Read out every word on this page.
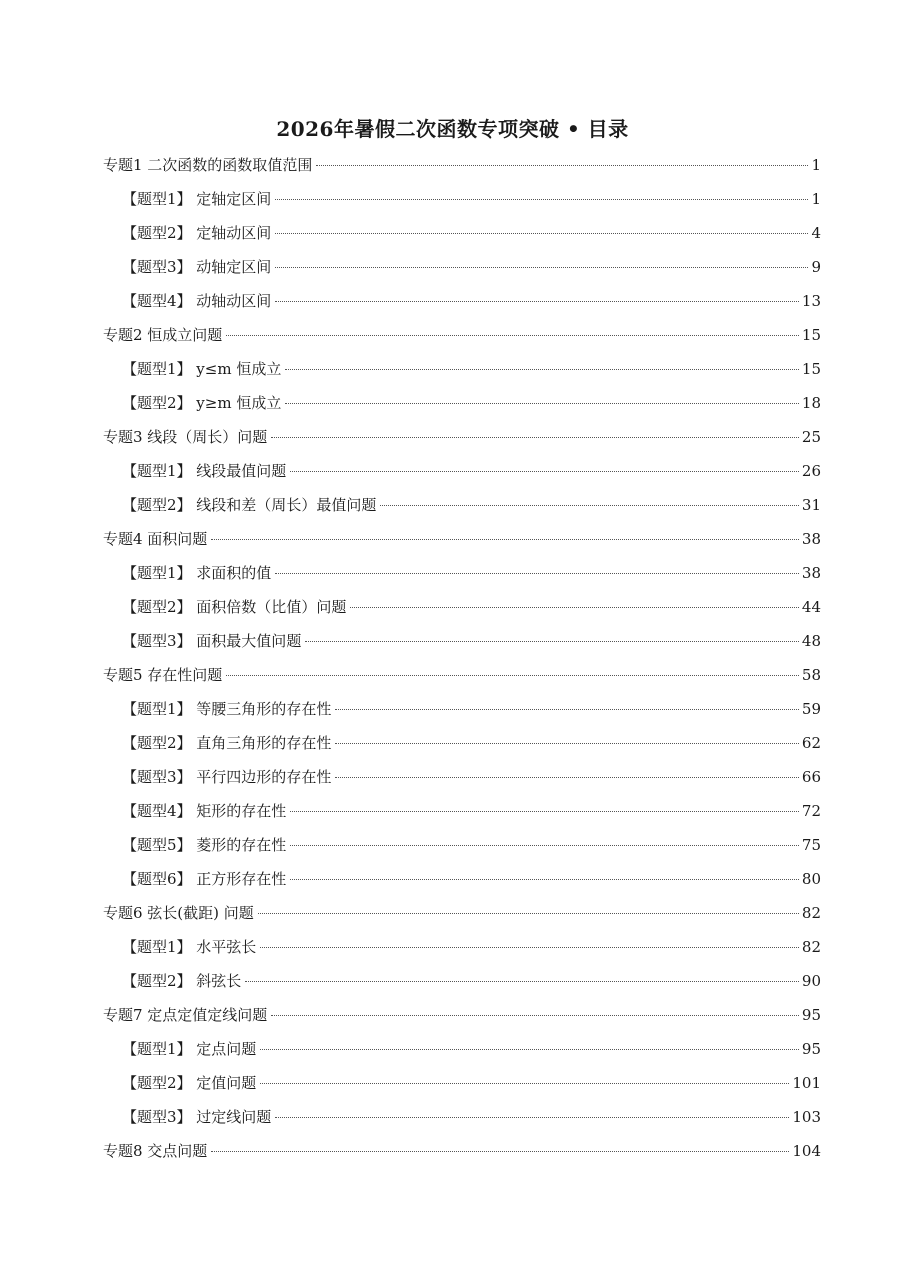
2026年暑假二次函数专项突破 • 目录
专题1 二次函数的函数取值范围	1
【题型1】 定轴定区间	1
【题型2】 定轴动区间	4
【题型3】 动轴定区间	9
【题型4】 动轴动区间	13
专题2 恒成立问题	15
【题型1】 y≤m 恒成立	15
【题型2】 y≥m 恒成立	18
专题3 线段（周长）问题	25
【题型1】 线段最值问题	26
【题型2】 线段和差（周长）最值问题	31
专题4 面积问题	38
【题型1】 求面积的值	38
【题型2】 面积倍数（比值）问题	44
【题型3】 面积最大值问题	48
专题5 存在性问题	58
【题型1】 等腰三角形的存在性	59
【题型2】 直角三角形的存在性	62
【题型3】 平行四边形的存在性	66
【题型4】 矩形的存在性	72
【题型5】 菱形的存在性	75
【题型6】 正方形存在性	80
专题6 弦长(截距) 问题	82
【题型1】 水平弦长	82
【题型2】 斜弦长	90
专题7 定点定值定线问题	95
【题型1】 定点问题	95
【题型2】 定值问题	101
【题型3】 过定线问题	103
专题8 交点问题	104
